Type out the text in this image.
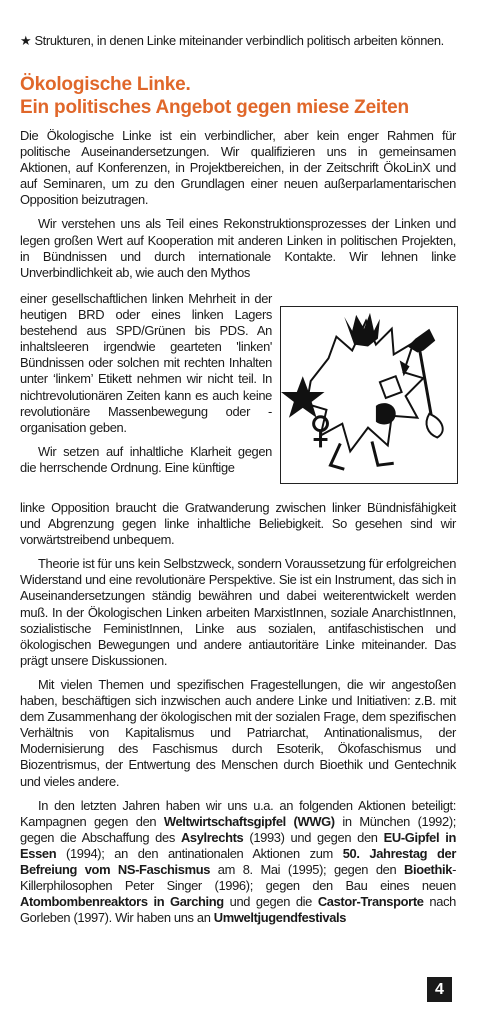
★ Strukturen, in denen Linke miteinander verbindlich politisch arbeiten können.
Ökologische Linke.
Ein politisches Angebot gegen miese Zeiten

Die Ökologische Linke ist ein verbindlicher, aber kein enger Rahmen für politische Auseinandersetzungen. Wir qualifizieren uns in gemeinsamen Aktionen, auf Konferenzen, in Projektbereichen, in der Zeitschrift ÖkoLinX und auf Seminaren, um zu den Grundlagen einer neuen außerparlamentarischen Opposition beizutragen.

Wir verstehen uns als Teil eines Rekonstruktionsprozesses der Linken und legen großen Wert auf Kooperation mit anderen Linken in politischen Projekten, in Bündnissen und durch internationale Kontakte. Wir lehnen linke Unverbindlichkeit ab, wie auch den Mythos

einer gesellschaftlichen linken Mehrheit in der heutigen BRD oder eines linken Lagers bestehend aus SPD/Grünen bis PDS. An inhaltsleeren irgendwie gearteten 'linken' Bündnissen oder solchen mit rechten Inhalten unter ‘linkem’ Etikett nehmen wir nicht teil. In nichtrevolutionären Zeiten kann es auch keine revolutionäre Massenbewegung oder -organisation geben.

Wir setzen auf inhaltliche Klarheit gegen die herrschende Ordnung. Eine künftige

linke Opposition braucht die Gratwanderung zwischen linker Bündnisfähigkeit und Abgrenzung gegen linke inhaltliche Beliebigkeit. So gesehen sind wir vorwärtstreibend unbequem.

Theorie ist für uns kein Selbstzweck, sondern Voraussetzung für erfolgreichen Widerstand und eine revolutionäre Perspektive. Sie ist ein Instrument, das sich in Auseinandersetzungen ständig bewähren und dabei weiterentwickelt werden muß. In der Ökologischen Linken arbeiten MarxistInnen, soziale AnarchistInnen, sozialistische FeministInnen, Linke aus sozialen, antifaschistischen und ökologischen Bewegungen und andere antiautoritäre Linke miteinander. Das prägt unsere Diskussionen.

Mit vielen Themen und spezifischen Fragestellungen, die wir angestoßen haben, beschäftigen sich inzwischen auch andere Linke und Initiativen: z.B. mit dem Zusammenhang der ökologischen mit der sozialen Frage, dem spezifischen Verhältnis von Kapitalismus und Patriarchat, Antinationalismus, der Modernisierung des Faschismus durch Esoterik, Ökofaschismus und Biozentrismus, der Entwertung des Menschen durch Bioethik und Gentechnik und vieles andere.

In den letzten Jahren haben wir uns u.a. an folgenden Aktionen beteiligt: Kampagnen gegen den Weltwirtschaftsgipfel (WWG) in München (1992); gegen die Abschaffung des Asylrechts (1993) und gegen den EU-Gipfel in Essen (1994); an den antinationalen Aktionen zum 50. Jahrestag der Befreiung vom NS-Faschismus am 8. Mai (1995); gegen den Bioethik-Killerphilosophen Peter Singer (1996); gegen den Bau eines neuen Atombombenreaktors in Garching und gegen die Castor-Transporte nach Gorleben (1997). Wir haben uns an Umweltjugendfestivals

4
